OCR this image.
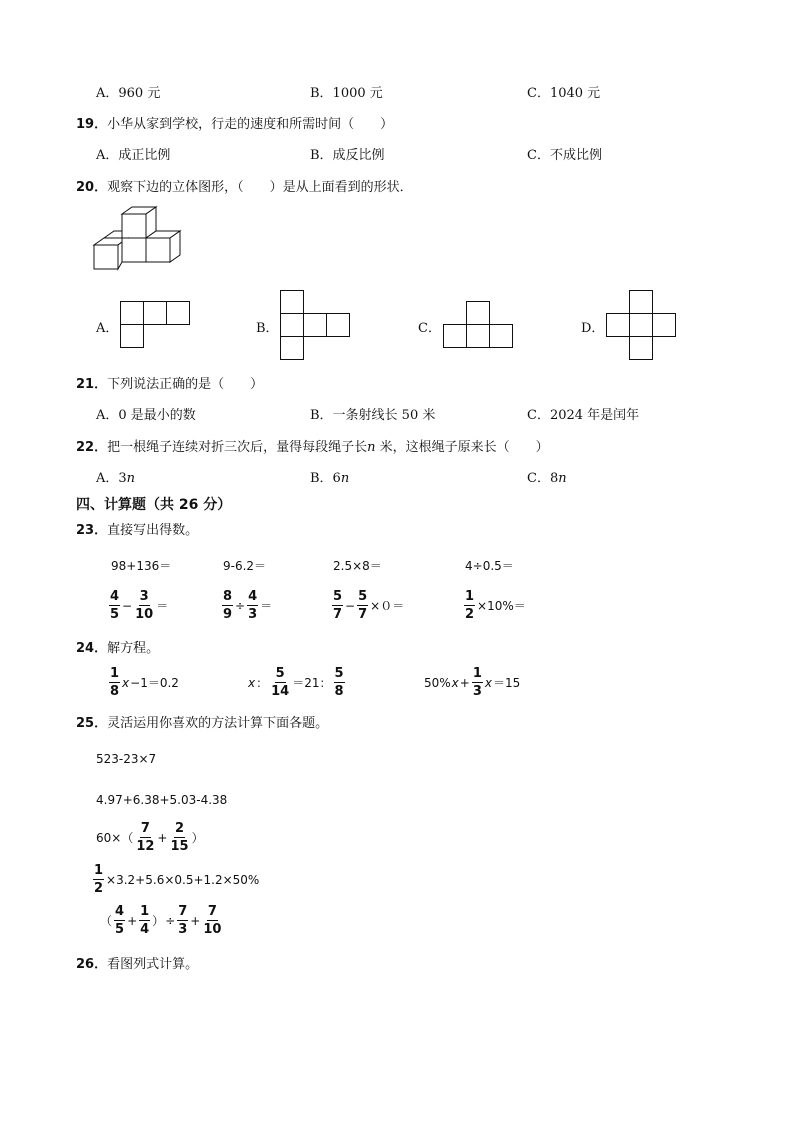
A．960 元	B．1000 元	C．1040 元
19．小华从家到学校，行走的速度和所需时间（　　）
A．成正比例	B．成反比例	C．不成比例
20．观察下边的立体图形，（　　）是从上面看到的形状．
A．	B．	C．	D．
21．下列说法正确的是（　　）
A．0 是最小的数	B．一条射线长 50 米	C．2024 年是闰年
22．把一根绳子连续对折三次后，量得每段绳子长n 米，这根绳子原来长（　　）
A．3n	B．6n	C．8n
四、计算题（共 26 分）
23．直接写出得数。
98+136＝	9-6.2＝	2.5×8＝	4÷0.5＝
$\frac{4}{5} - \frac{3}{10}$ ＝	$\frac{8}{9} \div \frac{4}{3}$ ＝	$\frac{5}{7} - \frac{5}{7} \times 0=$	$\frac{1}{2} \times 10\%=$
24．解方程。
$\frac{1}{8}$ x −1＝0.2	x ： $\frac{5}{14} =21$： $\frac{5}{8}$	50% $x + \frac{1}{3}$ x ＝15
25．灵活运用你喜欢的方法计算下面各题。
523-23×7
4.97+6.38+5.03-4.38
$60\times( \frac{7}{12} + \frac{2}{15}$ ）
$\frac{1}{2} \times 3.2+5.6\times 0.5+1.2\times 50\%$
（ $\frac{4}{5} + \frac{1}{4}$ ） ÷ $\frac{7}{3} + \frac{7}{10}$
26．看图列式计算。
